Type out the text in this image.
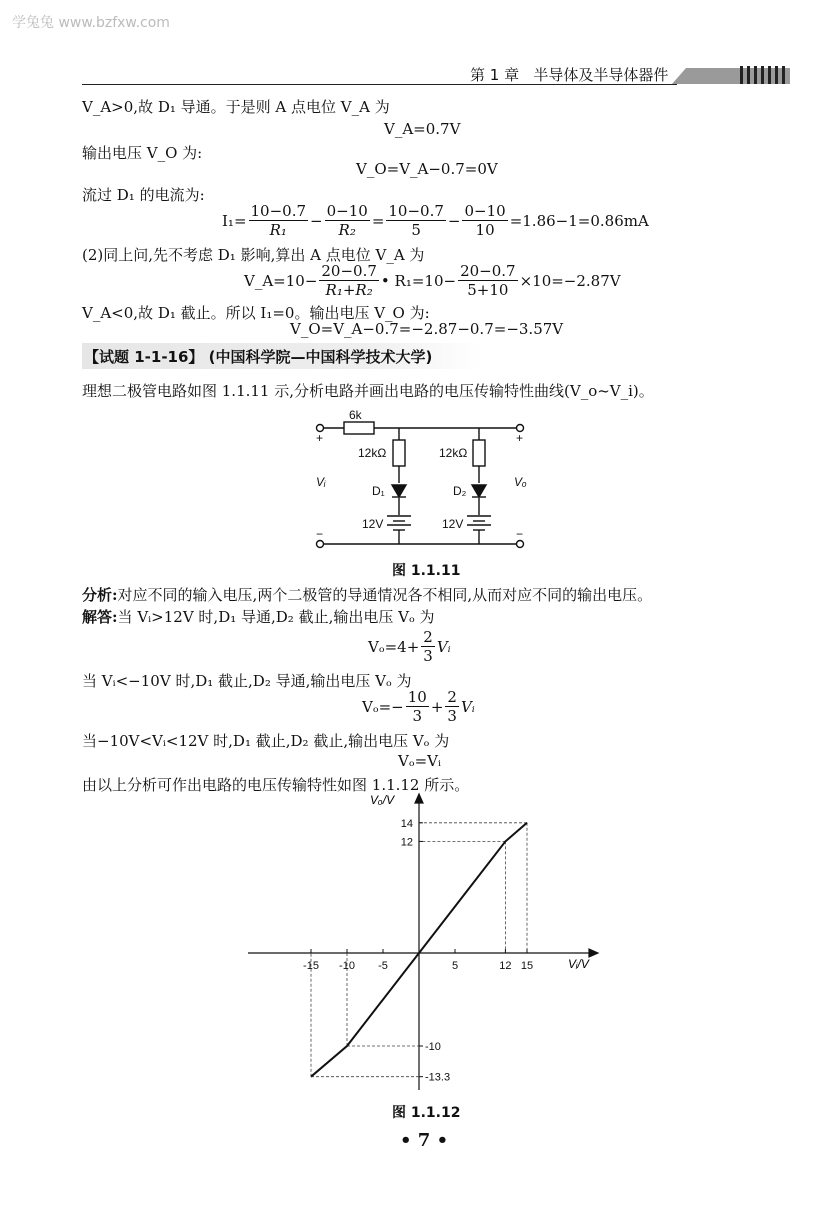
学兔兔 www.bzfxw.com
第 1 章 半导体及半导体器件
V_A>0,故 D₁ 导通。于是则 A 点电位 V_A 为
V_A=0.7V
输出电压 V_O 为:
V_O=V_A−0.7=0V
流过 D₁ 的电流为:
$I_1= \frac{10-0.7}{\text{R₁}} - \frac{0-10}{\text{R₂}} = \frac{10-0.7}{5} - \frac{0-10}{10} =1.86-1=0.86mA$
(2)同上问,先不考虑 D₁ 影响,算出 A 点电位 V_A 为
V_A=10− $\frac{20-0.7}{\text{R₁+R₂}}$ • $R_1=10- \frac{20-0.7}{5+10} \times 10=-2.87V$
V_A<0,故 D₁ 截止。所以 I₁=0。输出电压 V_O 为:
V_O=V_A−0.7=−2.87−0.7=−3.57V
【试题 1-1-16】 (中国科学院—中国科学技术大学)
理想二极管电路如图 1.1.11 示,分析电路并画出电路的电压传输特性曲线(V_o~V_i)。
6k
12kΩ	12kΩ
D₁	D₂
12V	12V
Vᵢ	Vₒ
+	+
−	−
图 1.1.11
分析:对应不同的输入电压,两个二极管的导通情况各不相同,从而对应不同的输出电压。
解答:当 Vᵢ>12V 时,D₁ 导通,D₂ 截止,输出电压 Vₒ 为
$V_o=4+ \frac{2}{3}$ Vᵢ
当 Vᵢ<−10V 时,D₁ 截止,D₂ 导通,输出电压 Vₒ 为
$V_o=- \frac{10}{3} + \frac{2}{3}$ Vᵢ
当−10V<Vᵢ<12V 时,D₁ 截止,D₂ 截止,输出电压 Vₒ 为
Vₒ=Vᵢ
由以上分析可作出电路的电压传输特性如图 1.1.12 所示。
-15 -10 -5	5	12 15
14
12
-10
-13.3
Vᵢ/V
Vₒ/V
图 1.1.12
• 7 •
